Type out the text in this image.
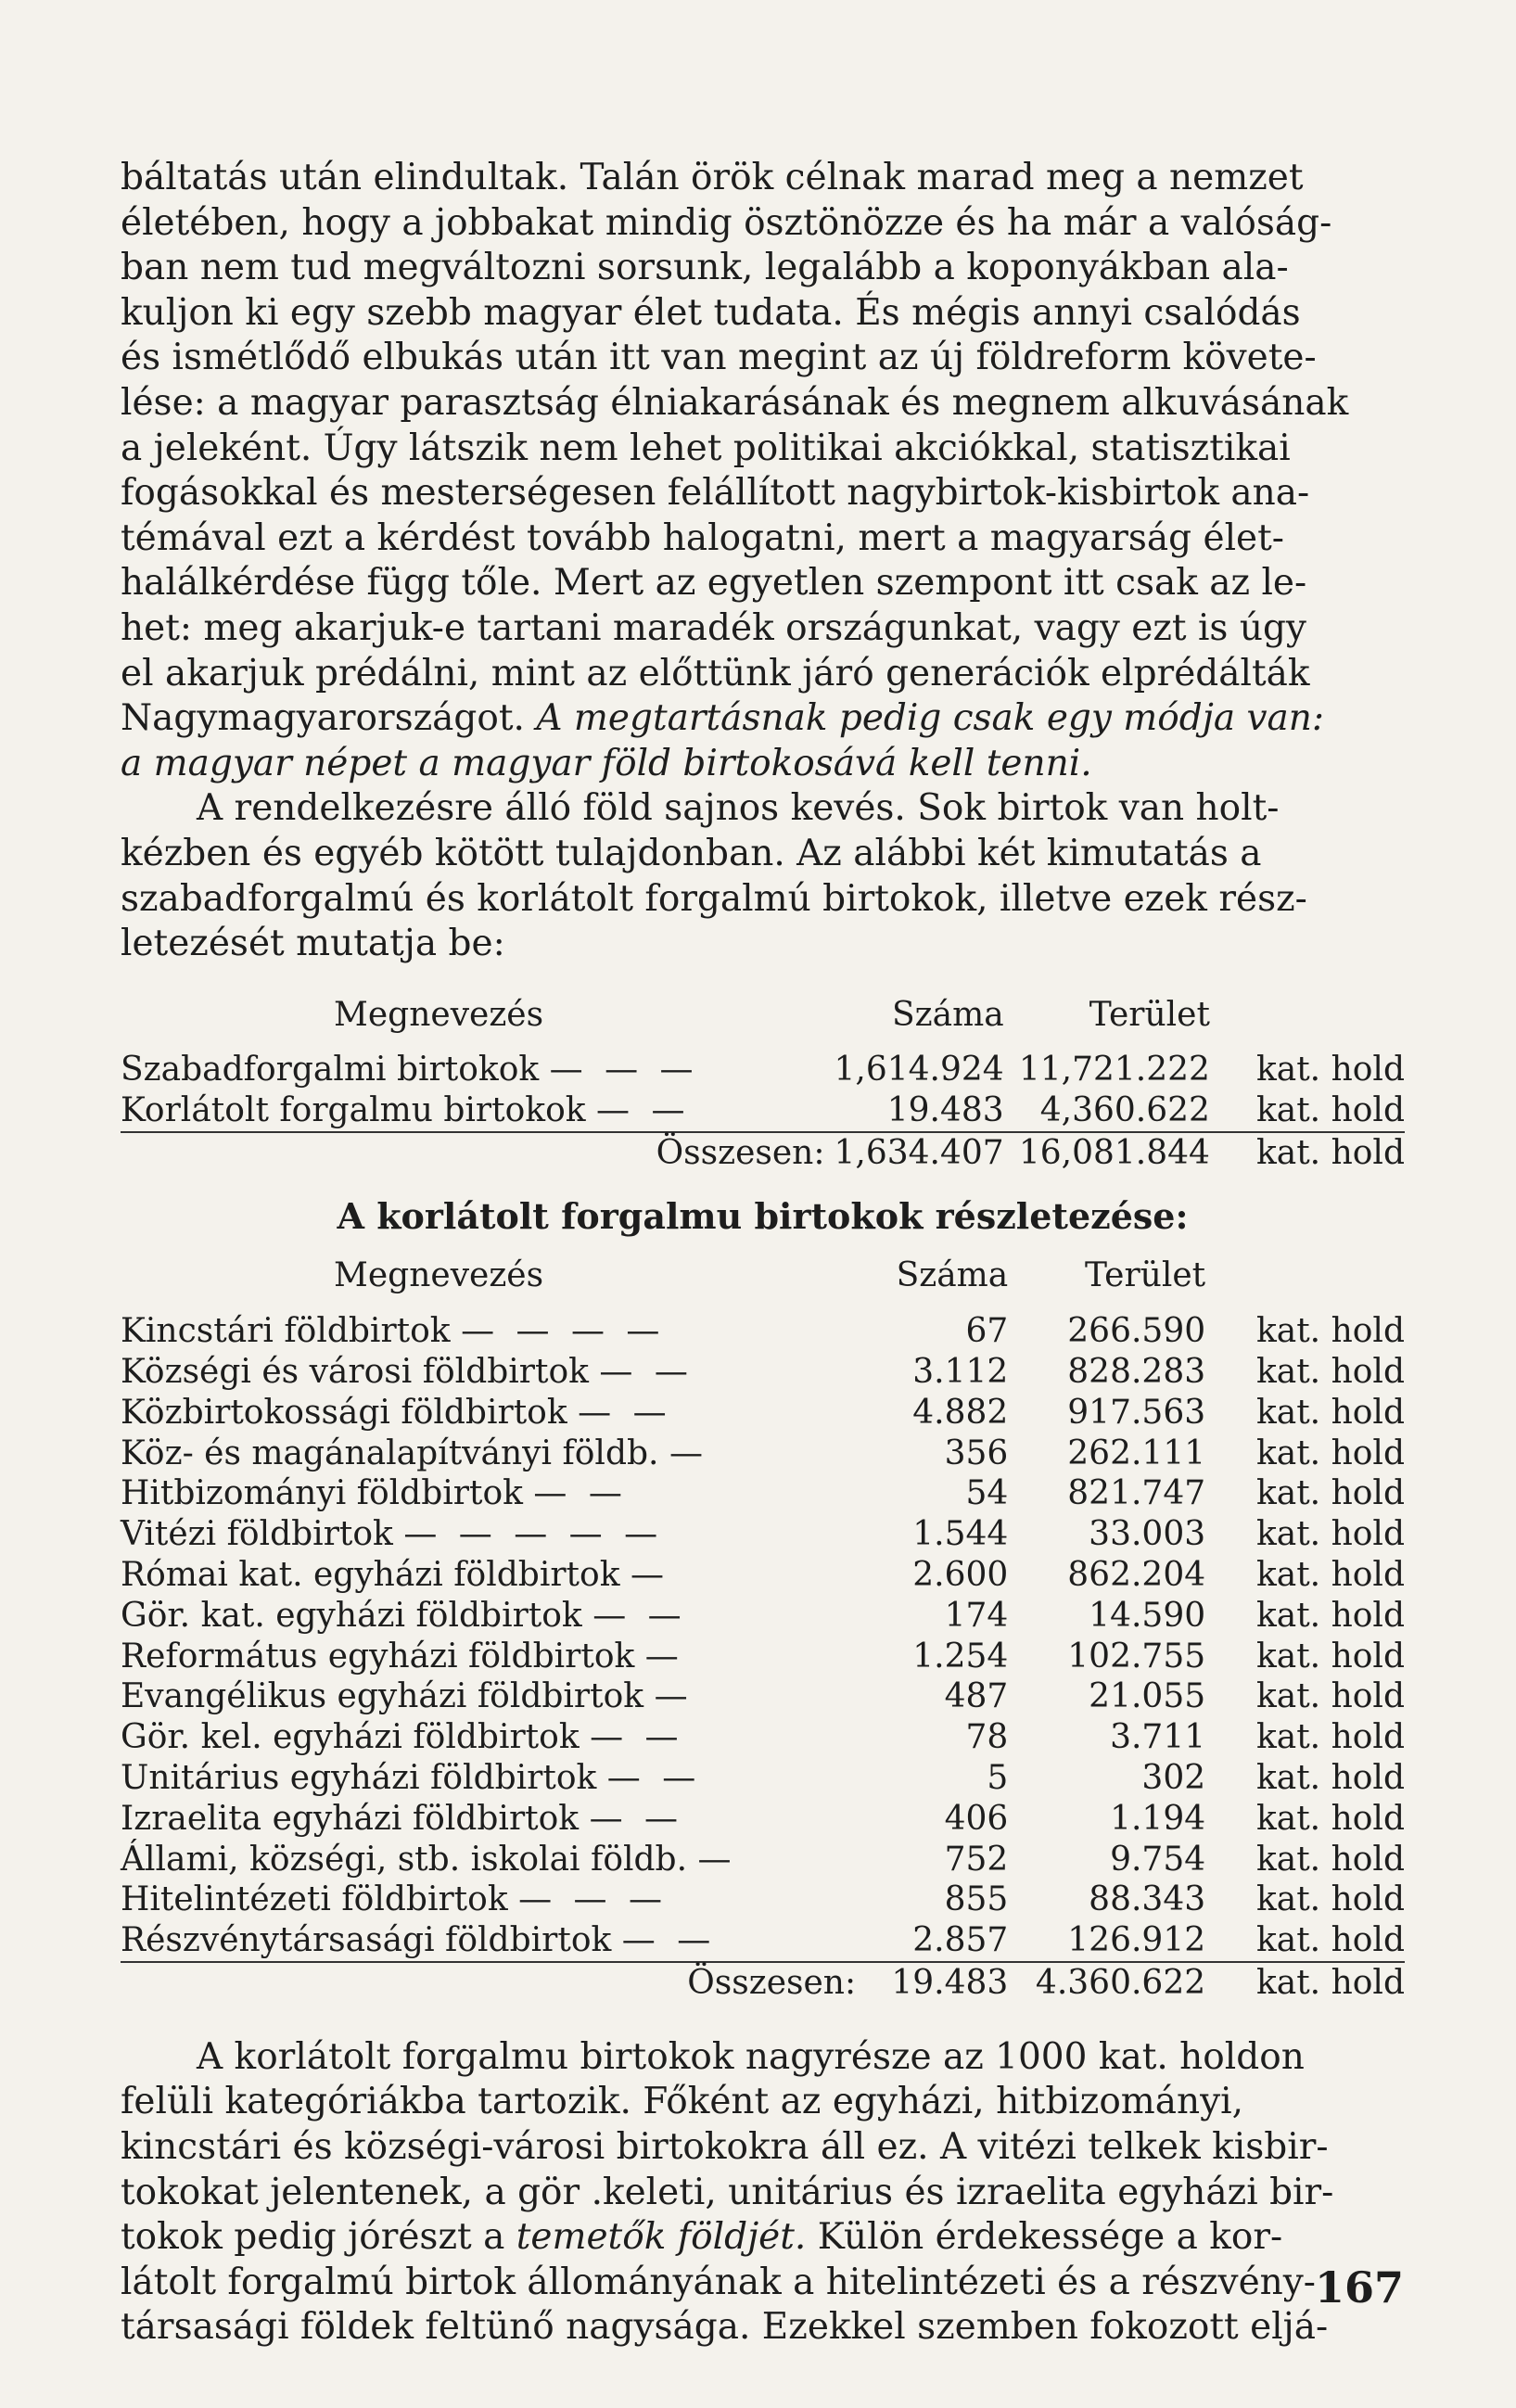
báltatás után elindultak. Talán örök célnak marad meg a nemzet

életében, hogy a jobbakat mindig ösztönözze és ha már a valóság-

ban nem tud megváltozni sorsunk, legalább a koponyákban ala-

kuljon ki egy szebb magyar élet tudata. És mégis annyi csalódás

és ismétlődő elbukás után itt van megint az új földreform követe-

lése: a magyar parasztság élniakarásának és megnem alkuvásának

a jeleként. Úgy látszik nem lehet politikai akciókkal, statisztikai

fogásokkal és mesterségesen felállított nagybirtok-kisbirtok ana-

témával ezt a kérdést tovább halogatni, mert a magyarság élet-

halálkérdése függ tőle. Mert az egyetlen szempont itt csak az le-

het: meg akarjuk-e tartani maradék országunkat, vagy ezt is úgy

el akarjuk prédálni, mint az előttünk járó generációk elprédálták

Nagymagyarországot. A megtartásnak pedig csak egy módja van:

a magyar népet a magyar föld birtokosává kell tenni.

A rendelkezésre álló föld sajnos kevés. Sok birtok van holt-

kézben és egyéb kötött tulajdonban. Az alábbi két kimutatás a

szabadforgalmú és korlátolt forgalmú birtokok, illetve ezek rész-

letezését mutatja be:

Megnevezés	Száma	Terület	
Szabadforgalmi birtokok — — —	1,614.924	11,721.222	kat. hold
Korlátolt forgalmu birtokok — —	19.483	4,360.622	kat. hold
Összesen:	1,634.407	16,081.844	kat. hold
A korlátolt forgalmu birtokok részletezése:
Megnevezés	Száma	Terület	
Kincstári földbirtok — — — —	67	266.590	kat. hold
Községi és városi földbirtok — —	3.112	828.283	kat. hold
Közbirtokossági földbirtok — —	4.882	917.563	kat. hold
Köz- és magánalapítványi földb. —	356	262.111	kat. hold
Hitbizományi földbirtok — —	54	821.747	kat. hold
Vitézi földbirtok — — — — —	1.544	33.003	kat. hold
Római kat. egyházi földbirtok —	2.600	862.204	kat. hold
Gör. kat. egyházi földbirtok — —	174	14.590	kat. hold
Református egyházi földbirtok —	1.254	102.755	kat. hold
Evangélikus egyházi földbirtok —	487	21.055	kat. hold
Gör. kel. egyházi földbirtok — —	78	3.711	kat. hold
Unitárius egyházi földbirtok — —	5	302	kat. hold
Izraelita egyházi földbirtok — —	406	1.194	kat. hold
Állami, községi, stb. iskolai földb. —	752	9.754	kat. hold
Hitelintézeti földbirtok — — —	855	88.343	kat. hold
Részvénytársasági földbirtok — —	2.857	126.912	kat. hold
Összesen:	19.483	4.360.622	kat. hold

A korlátolt forgalmu birtokok nagyrésze az 1000 kat. holdon

felüli kategóriákba tartozik. Főként az egyházi, hitbizományi,

kincstári és községi-városi birtokokra áll ez. A vitézi telkek kisbir-

tokokat jelentenek, a gör .keleti, unitárius és izraelita egyházi bir-

tokok pedig jórészt a temetők földjét. Külön érdekessége a kor-

látolt forgalmú birtok állományának a hitelintézeti és a részvény-

társasági földek feltünő nagysága. Ezekkel szemben fokozott eljá-

167
